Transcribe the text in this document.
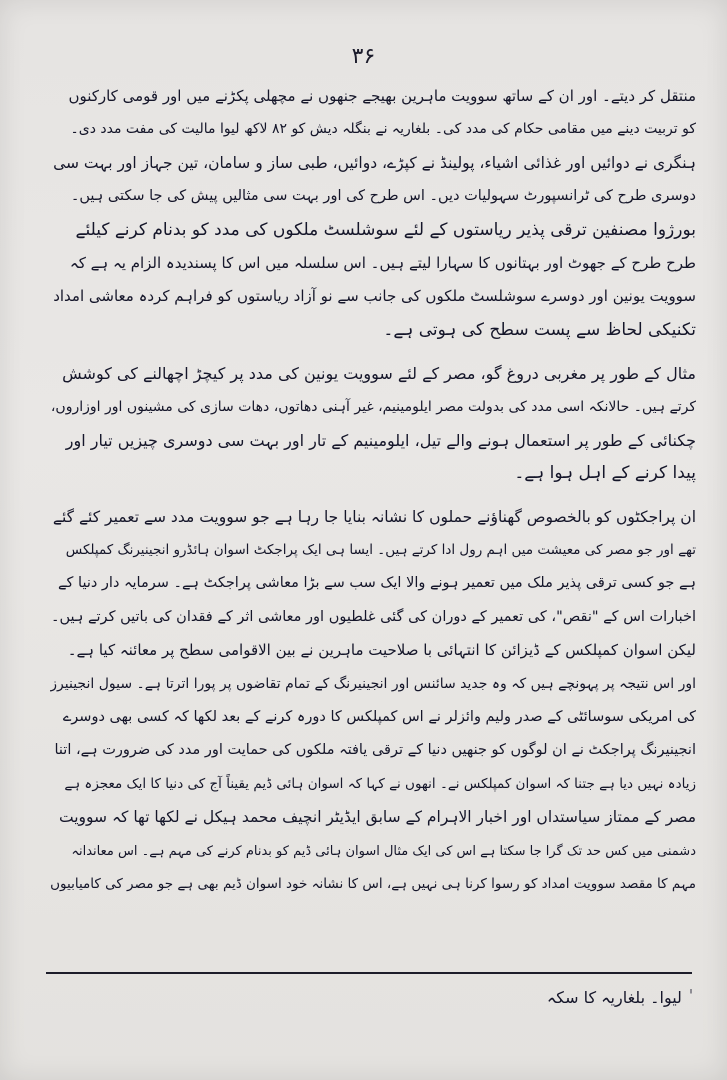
۳۶
منتقل کر دیتے۔ اور ان کے ساتھ سوویت ماہرین بھیجے جنھوں نے مچھلی پکڑنے میں اور قومی کارکنوں
کو تربیت دینے میں مقامی حکام کی مدد کی۔ بلغاریہ نے بنگلہ دیش کو ۸۲ لاکھ لیوا مالیت کی مفت مدد دی۔
ہنگری نے دوائیں اور غذائی اشیاء، پولینڈ نے کپڑے، دوائیں، طبی ساز و سامان، تین جہاز اور بہت سی
دوسری طرح کی ٹرانسپورٹ سہولیات دیں۔ اس طرح کی اور بہت سی مثالیں پیش کی جا سکتی ہیں۔
بورژوا مصنفین ترقی پذیر ریاستوں کے لئے سوشلسٹ ملکوں کی مدد کو بدنام کرنے کیلئے
طرح طرح کے جھوٹ اور بہتانوں کا سہارا لیتے ہیں۔ اس سلسلہ میں اس کا پسندیدہ الزام یہ ہے کہ
سوویت یونین اور دوسرے سوشلسٹ ملکوں کی جانب سے نو آزاد ریاستوں کو فراہم کردہ معاشی امداد
تکنیکی لحاظ سے پست سطح کی ہوتی ہے۔
مثال کے طور پر مغربی دروغ گو، مصر کے لئے سوویت یونین کی مدد پر کیچڑ اچھالنے کی کوشش
کرتے ہیں۔ حالانکہ اسی مدد کی بدولت مصر ایلومینیم، غیر آہنی دھاتوں، دھات سازی کی مشینوں اور اوزاروں،
چکنائی کے طور پر استعمال ہونے والے تیل، ایلومینیم کے تار اور بہت سی دوسری چیزیں تیار اور
پیدا کرنے کے اہل ہوا ہے۔
ان پراجکٹوں کو بالخصوص گھناؤنے حملوں کا نشانہ بنایا جا رہا ہے جو سوویت مدد سے تعمیر کئے گئے
تھے اور جو مصر کی معیشت میں اہم رول ادا کرتے ہیں۔ ایسا ہی ایک پراجکٹ اسوان ہائڈرو انجینیرنگ کمپلکس
ہے جو کسی ترقی پذیر ملک میں تعمیر ہونے والا ایک سب سے بڑا معاشی پراجکٹ ہے۔ سرمایہ دار دنیا کے
اخبارات اس کے "نقص"، کی تعمیر کے دوران کی گئی غلطیوں اور معاشی اثر کے فقدان کی باتیں کرتے ہیں۔
لیکن اسوان کمپلکس کے ڈیزائن کا انتہائی با صلاحیت ماہرین نے بین الاقوامی سطح پر معائنہ کیا ہے۔
اور اس نتیجہ پر پہونچے ہیں کہ وہ جدید سائنس اور انجینیرنگ کے تمام تقاضوں پر پورا اترتا ہے۔ سیول انجینیرز
کی امریکی سوسائٹی کے صدر ولیم وائزلر نے اس کمپلکس کا دورہ کرنے کے بعد لکھا کہ کسی بھی دوسرے
انجینیرنگ پراجکٹ نے ان لوگوں کو جنھیں دنیا کے ترقی یافتہ ملکوں کی حمایت اور مدد کی ضرورت ہے، اتنا
زیادہ نہیں دیا ہے جتنا کہ اسوان کمپلکس نے۔ انھوں نے کہا کہ اسوان ہائی ڈیم یقیناً آج کی دنیا کا ایک معجزہ ہے
مصر کے ممتاز سیاستداں اور اخبار الاہرام کے سابق ایڈیٹر انچیف محمد ہیکل نے لکھا تھا کہ سوویت
دشمنی میں کس حد تک گرا جا سکتا ہے اس کی ایک مثال اسوان ہائی ڈیم کو بدنام کرنے کی مہم ہے۔ اس معاندانہ
مہم کا مقصد سوویت امداد کو رسوا کرنا ہی نہیں ہے، اس کا نشانہ خود اسوان ڈیم بھی ہے جو مصر کی کامیابیوں
ٰ لیوا۔ بلغاریہ کا سکہ
